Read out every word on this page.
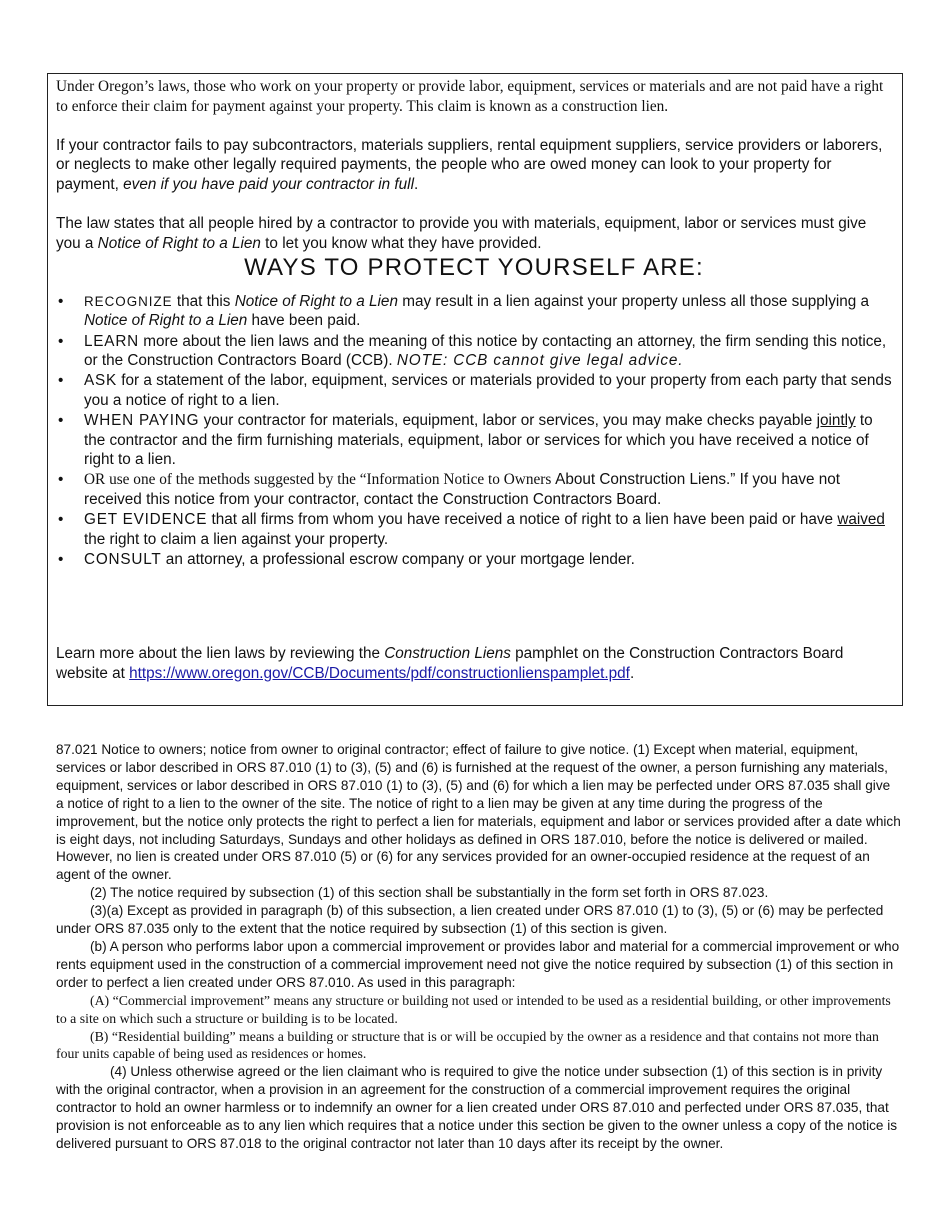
Under Oregon’s laws, those who work on your property or provide labor, equipment, services or materials and are not paid have a right to enforce their claim for payment against your property. This claim is known as a construction lien.

If your contractor fails to pay subcontractors, materials suppliers, rental equipment suppliers, service providers or laborers, or neglects to make other legally required payments, the people who are owed money can look to your property for payment, even if you have paid your contractor in full.

The law states that all people hired by a contractor to provide you with materials, equipment, labor or services must give you a Notice of Right to a Lien to let you know what they have provided.

WAYS TO PROTECT YOURSELF ARE:
• RECOGNIZE that this Notice of Right to a Lien may result in a lien against your property unless all those supplying a Notice of Right to a Lien have been paid.
• LEARN more about the lien laws and the meaning of this notice by contacting an attorney, the firm sending this notice, or the Construction Contractors Board (CCB). NOTE: CCB cannot give legal advice.
• ASK for a statement of the labor, equipment, services or materials provided to your property from each party that sends you a notice of right to a lien.
• WHEN PAYING your contractor for materials, equipment, labor or services, you may make checks payable jointly to the contractor and the firm furnishing materials, equipment, labor or services for which you have received a notice of right to a lien.
• OR use one of the methods suggested by the “Information Notice to Owners About Construction Liens.” If you have not received this notice from your contractor, contact the Construction Contractors Board.
• GET EVIDENCE that all firms from whom you have received a notice of right to a lien have been paid or have waived the right to claim a lien against your property.
• CONSULT an attorney, a professional escrow company or your mortgage lender.

Learn more about the lien laws by reviewing the Construction Liens pamphlet on the Construction Contractors Board website at https://www.oregon.gov/CCB/Documents/pdf/constructionlienspamplet.pdf.

87.021 Notice to owners; notice from owner to original contractor; effect of failure to give notice. (1) Except when material, equipment, services or labor described in ORS 87.010 (1) to (3), (5) and (6) is furnished at the request of the owner, a person furnishing any materials, equipment, services or labor described in ORS 87.010 (1) to (3), (5) and (6) for which a lien may be perfected under ORS 87.035 shall give a notice of right to a lien to the owner of the site. The notice of right to a lien may be given at any time during the progress of the improvement, but the notice only protects the right to perfect a lien for materials, equipment and labor or services provided after a date which is eight days, not including Saturdays, Sundays and other holidays as defined in ORS 187.010, before the notice is delivered or mailed. However, no lien is created under ORS 87.010 (5) or (6) for any services provided for an owner-occupied residence at the request of an agent of the owner.

(2) The notice required by subsection (1) of this section shall be substantially in the form set forth in ORS 87.023.

(3)(a) Except as provided in paragraph (b) of this subsection, a lien created under ORS 87.010 (1) to (3), (5) or (6) may be perfected under ORS 87.035 only to the extent that the notice required by subsection (1) of this section is given.

(b) A person who performs labor upon a commercial improvement or provides labor and material for a commercial improvement or who rents equipment used in the construction of a commercial improvement need not give the notice required by subsection (1) of this section in order to perfect a lien created under ORS 87.010. As used in this paragraph:

(A) “Commercial improvement” means any structure or building not used or intended to be used as a residential building, or other improvements to a site on which such a structure or building is to be located.

(B) “Residential building” means a building or structure that is or will be occupied by the owner as a residence and that contains not more than four units capable of being used as residences or homes.

(4) Unless otherwise agreed or the lien claimant who is required to give the notice under subsection (1) of this section is in privity with the original contractor, when a provision in an agreement for the construction of a commercial improvement requires the original contractor to hold an owner harmless or to indemnify an owner for a lien created under ORS 87.010 and perfected under ORS 87.035, that provision is not enforceable as to any lien which requires that a notice under this section be given to the owner unless a copy of the notice is delivered pursuant to ORS 87.018 to the original contractor not later than 10 days after its receipt by the owner.
